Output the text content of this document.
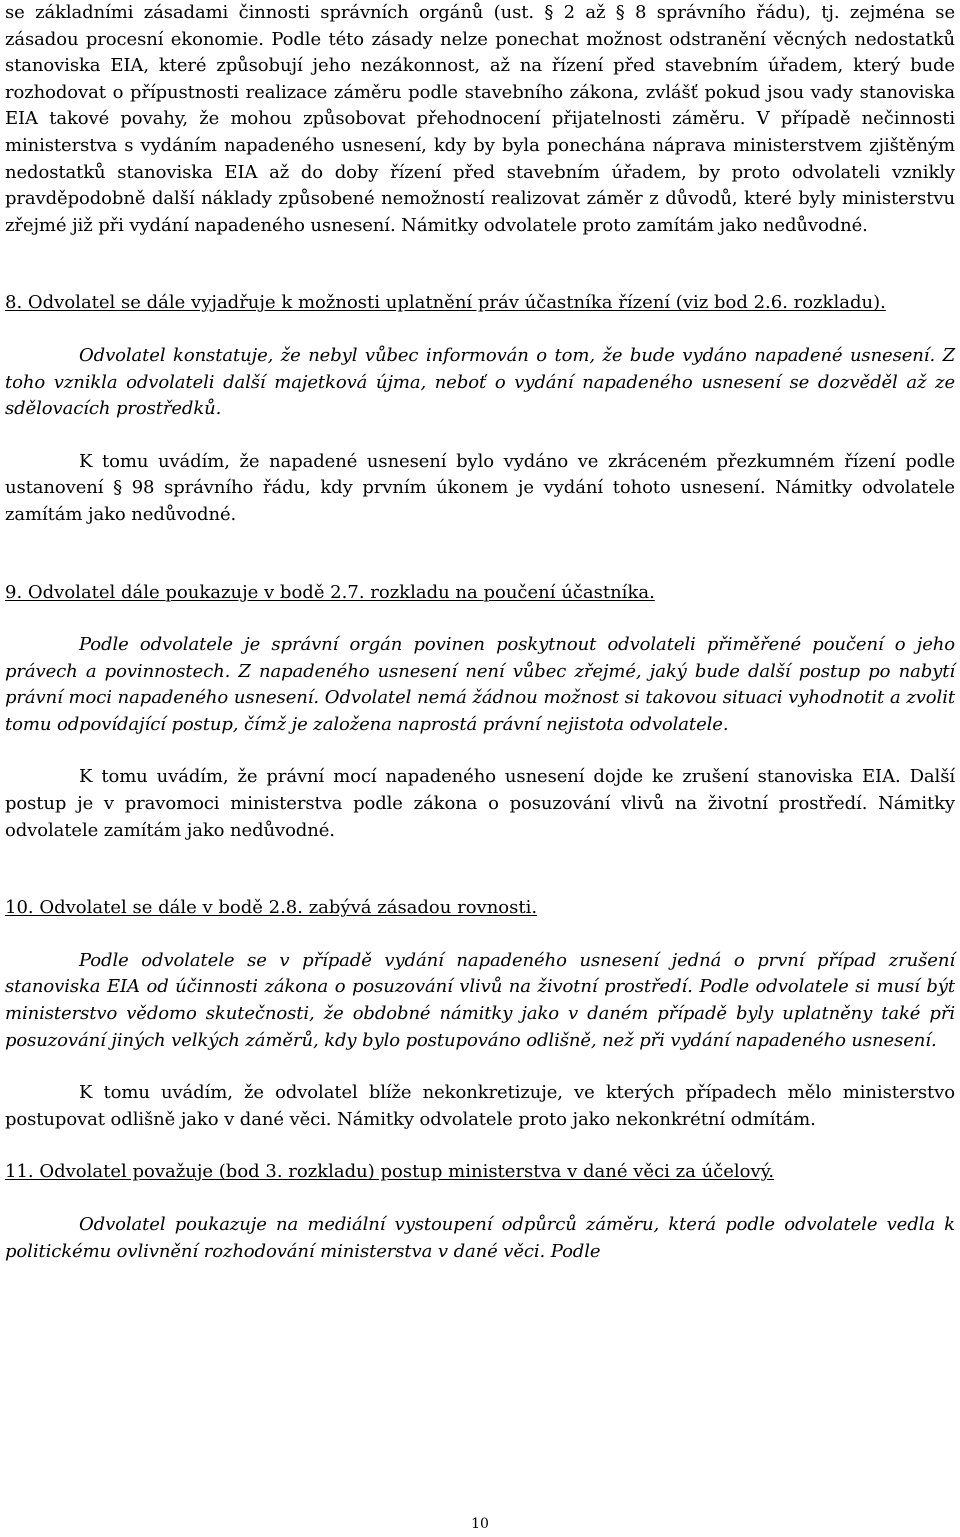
se základními zásadami činnosti správních orgánů (ust. § 2 až § 8 správního řádu), tj. zejména se zásadou procesní ekonomie. Podle této zásady nelze ponechat možnost odstranění věcných nedostatků stanoviska EIA, které způsobují jeho nezákonnost, až na řízení před stavebním úřadem, který bude rozhodovat o přípustnosti realizace záměru podle stavebního zákona, zvlášť pokud jsou vady stanoviska EIA takové povahy, že mohou způsobovat přehodnocení přijatelnosti záměru. V případě nečinnosti ministerstva s vydáním napadeného usnesení, kdy by byla ponechána náprava ministerstvem zjištěným nedostatků stanoviska EIA až do doby řízení před stavebním úřadem, by proto odvolateli vznikly pravděpodobně další náklady způsobené nemožností realizovat záměr z důvodů, které byly ministerstvu zřejmé již při vydání napadeného usnesení. Námitky odvolatele proto zamítám jako nedůvodné.

8. Odvolatel se dále vyjadřuje k možnosti uplatnění práv účastníka řízení (viz bod 2.6. rozkladu).

Odvolatel konstatuje, že nebyl vůbec informován o tom, že bude vydáno napadené usnesení. Z toho vznikla odvolateli další majetková újma, neboť o vydání napadeného usnesení se dozvěděl až ze sdělovacích prostředků.

K tomu uvádím, že napadené usnesení bylo vydáno ve zkráceném přezkumném řízení podle ustanovení § 98 správního řádu, kdy prvním úkonem je vydání tohoto usnesení. Námitky odvolatele zamítám jako nedůvodné.

9. Odvolatel dále poukazuje v bodě 2.7. rozkladu na poučení účastníka.

Podle odvolatele je správní orgán povinen poskytnout odvolateli přiměřené poučení o jeho právech a povinnostech. Z napadeného usnesení není vůbec zřejmé, jaký bude další postup po nabytí právní moci napadeného usnesení. Odvolatel nemá žádnou možnost si takovou situaci vyhodnotit a zvolit tomu odpovídající postup, čímž je založena naprostá právní nejistota odvolatele.

K tomu uvádím, že právní mocí napadeného usnesení dojde ke zrušení stanoviska EIA. Další postup je v pravomoci ministerstva podle zákona o posuzování vlivů na životní prostředí. Námitky odvolatele zamítám jako nedůvodné.

10. Odvolatel se dále v bodě 2.8. zabývá zásadou rovnosti.

Podle odvolatele se v případě vydání napadeného usnesení jedná o první případ zrušení stanoviska EIA od účinnosti zákona o posuzování vlivů na životní prostředí. Podle odvolatele si musí být ministerstvo vědomo skutečnosti, že obdobné námitky jako v daném případě byly uplatněny také při posuzování jiných velkých záměrů, kdy bylo postupováno odlišně, než při vydání napadeného usnesení.

K tomu uvádím, že odvolatel blíže nekonkretizuje, ve kterých případech mělo ministerstvo postupovat odlišně jako v dané věci. Námitky odvolatele proto jako nekonkrétní odmítám.

11. Odvolatel považuje (bod 3. rozkladu) postup ministerstva v dané věci za účelový.

Odvolatel poukazuje na mediální vystoupení odpůrců záměru, která podle odvolatele vedla k politickému ovlivnění rozhodování ministerstva v dané věci. Podle

10
